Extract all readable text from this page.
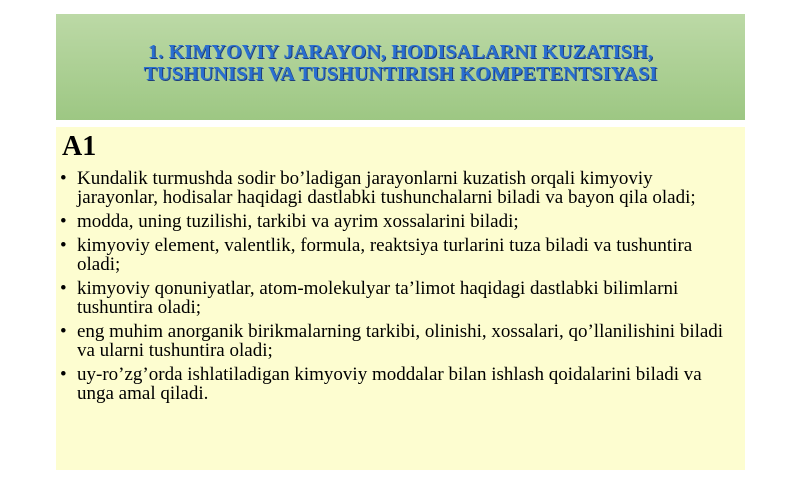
1. KIMYOVIY JARAYON, HODISALARNI KUZATISH,
TUSHUNISH VA TUSHUNTIRISH KOMPETENTSIYASI
A1
• Kundalik turmushda sodir bo’ladigan jarayonlarni kuzatish orqali kimyoviy jarayonlar, hodisalar haqidagi dastlabki tushunchalarni biladi va bayon qila oladi;
• modda, uning tuzilishi, tarkibi va ayrim xossalarini biladi;
• kimyoviy element, valentlik, formula, reaktsiya turlarini tuza biladi va tushuntira oladi;
• kimyoviy qonuniyatlar, atom-molekulyar ta’limot haqidagi dastlabki bilimlarni tushuntira oladi;
• eng muhim anorganik birikmalarning tarkibi, olinishi, xossalari, qo’llanilishini biladi va ularni tushuntira oladi;
• uy-ro’zg’orda ishlatiladigan kimyoviy moddalar bilan ishlash qoidalarini biladi va unga amal qiladi.
